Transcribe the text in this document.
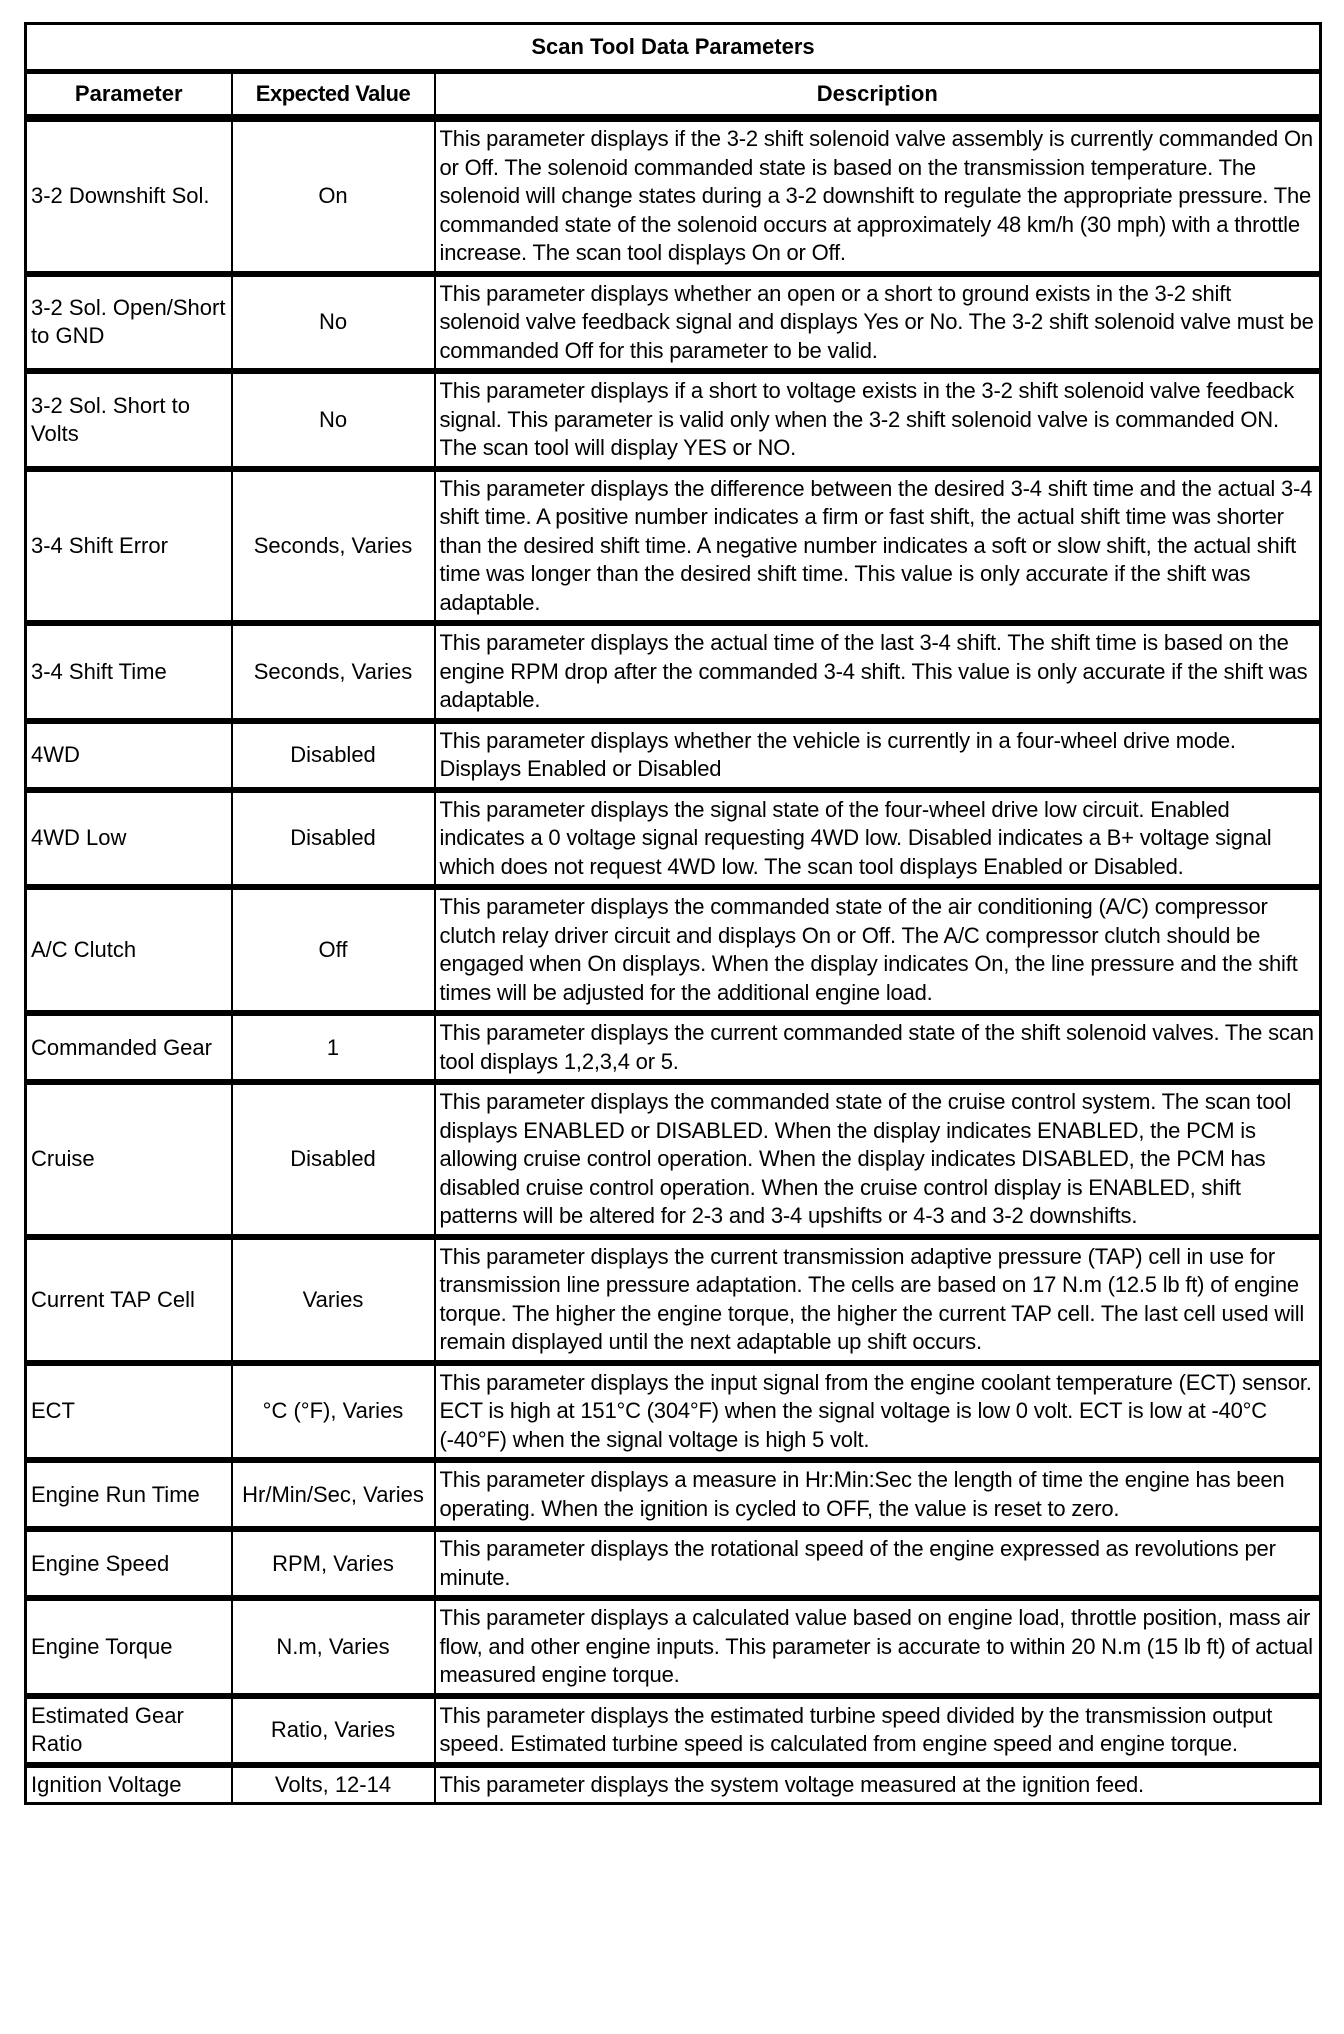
Scan Tool Data Parameters		
Parameter	Expected Value	Description
3-2 Downshift Sol.	On	This parameter displays if the 3-2 shift solenoid valve assembly is currently commanded On or Off. The solenoid commanded state is based on the transmission temperature. The solenoid will change states during a 3-2 downshift to regulate the appropriate pressure. The commanded state of the solenoid occurs at approximately 48 km/h (30 mph) with a throttle increase. The scan tool displays On or Off.
3-2 Sol. Open/Short to GND	No	This parameter displays whether an open or a short to ground exists in the 3-2 shift solenoid valve feedback signal and displays Yes or No. The 3-2 shift solenoid valve must be commanded Off for this parameter to be valid.
3-2 Sol. Short to Volts	No	This parameter displays if a short to voltage exists in the 3-2 shift solenoid valve feedback signal. This parameter is valid only when the 3-2 shift solenoid valve is commanded ON. The scan tool will display YES or NO.
3-4 Shift Error	Seconds, Varies	This parameter displays the difference between the desired 3-4 shift time and the actual 3-4 shift time. A positive number indicates a firm or fast shift, the actual shift time was shorter than the desired shift time. A negative number indicates a soft or slow shift, the actual shift time was longer than the desired shift time. This value is only accurate if the shift was adaptable.
3-4 Shift Time	Seconds, Varies	This parameter displays the actual time of the last 3-4 shift. The shift time is based on the engine RPM drop after the commanded 3-4 shift. This value is only accurate if the shift was adaptable.
4WD	Disabled	This parameter displays whether the vehicle is currently in a four-wheel drive mode. Displays Enabled or Disabled
4WD Low	Disabled	This parameter displays the signal state of the four-wheel drive low circuit. Enabled indicates a 0 voltage signal requesting 4WD low. Disabled indicates a B+ voltage signal which does not request 4WD low. The scan tool displays Enabled or Disabled.
A/C Clutch	Off	This parameter displays the commanded state of the air conditioning (A/C) compressor clutch relay driver circuit and displays On or Off. The A/C compressor clutch should be engaged when On displays. When the display indicates On, the line pressure and the shift times will be adjusted for the additional engine load.
Commanded Gear	1	This parameter displays the current commanded state of the shift solenoid valves. The scan tool displays 1,2,3,4 or 5.
Cruise	Disabled	This parameter displays the commanded state of the cruise control system. The scan tool displays ENABLED or DISABLED. When the display indicates ENABLED, the PCM is allowing cruise control operation. When the display indicates DISABLED, the PCM has disabled cruise control operation. When the cruise control display is ENABLED, shift patterns will be altered for 2-3 and 3-4 upshifts or 4-3 and 3-2 downshifts.
Current TAP Cell	Varies	This parameter displays the current transmission adaptive pressure (TAP) cell in use for transmission line pressure adaptation. The cells are based on 17 N.m (12.5 lb ft) of engine torque. The higher the engine torque, the higher the current TAP cell. The last cell used will remain displayed until the next adaptable up shift occurs.
ECT	°C (°F), Varies	This parameter displays the input signal from the engine coolant temperature (ECT) sensor. ECT is high at 151°C (304°F) when the signal voltage is low 0 volt. ECT is low at -40°C (-40°F) when the signal voltage is high 5 volt.
Engine Run Time	Hr/Min/Sec, Varies	This parameter displays a measure in Hr:Min:Sec the length of time the engine has been operating. When the ignition is cycled to OFF, the value is reset to zero.
Engine Speed	RPM, Varies	This parameter displays the rotational speed of the engine expressed as revolutions per minute.
Engine Torque	N.m, Varies	This parameter displays a calculated value based on engine load, throttle position, mass air flow, and other engine inputs. This parameter is accurate to within 20 N.m (15 lb ft) of actual measured engine torque.
Estimated Gear Ratio	Ratio, Varies	This parameter displays the estimated turbine speed divided by the transmission output speed. Estimated turbine speed is calculated from engine speed and engine torque.
Ignition Voltage	Volts, 12-14	This parameter displays the system voltage measured at the ignition feed.
